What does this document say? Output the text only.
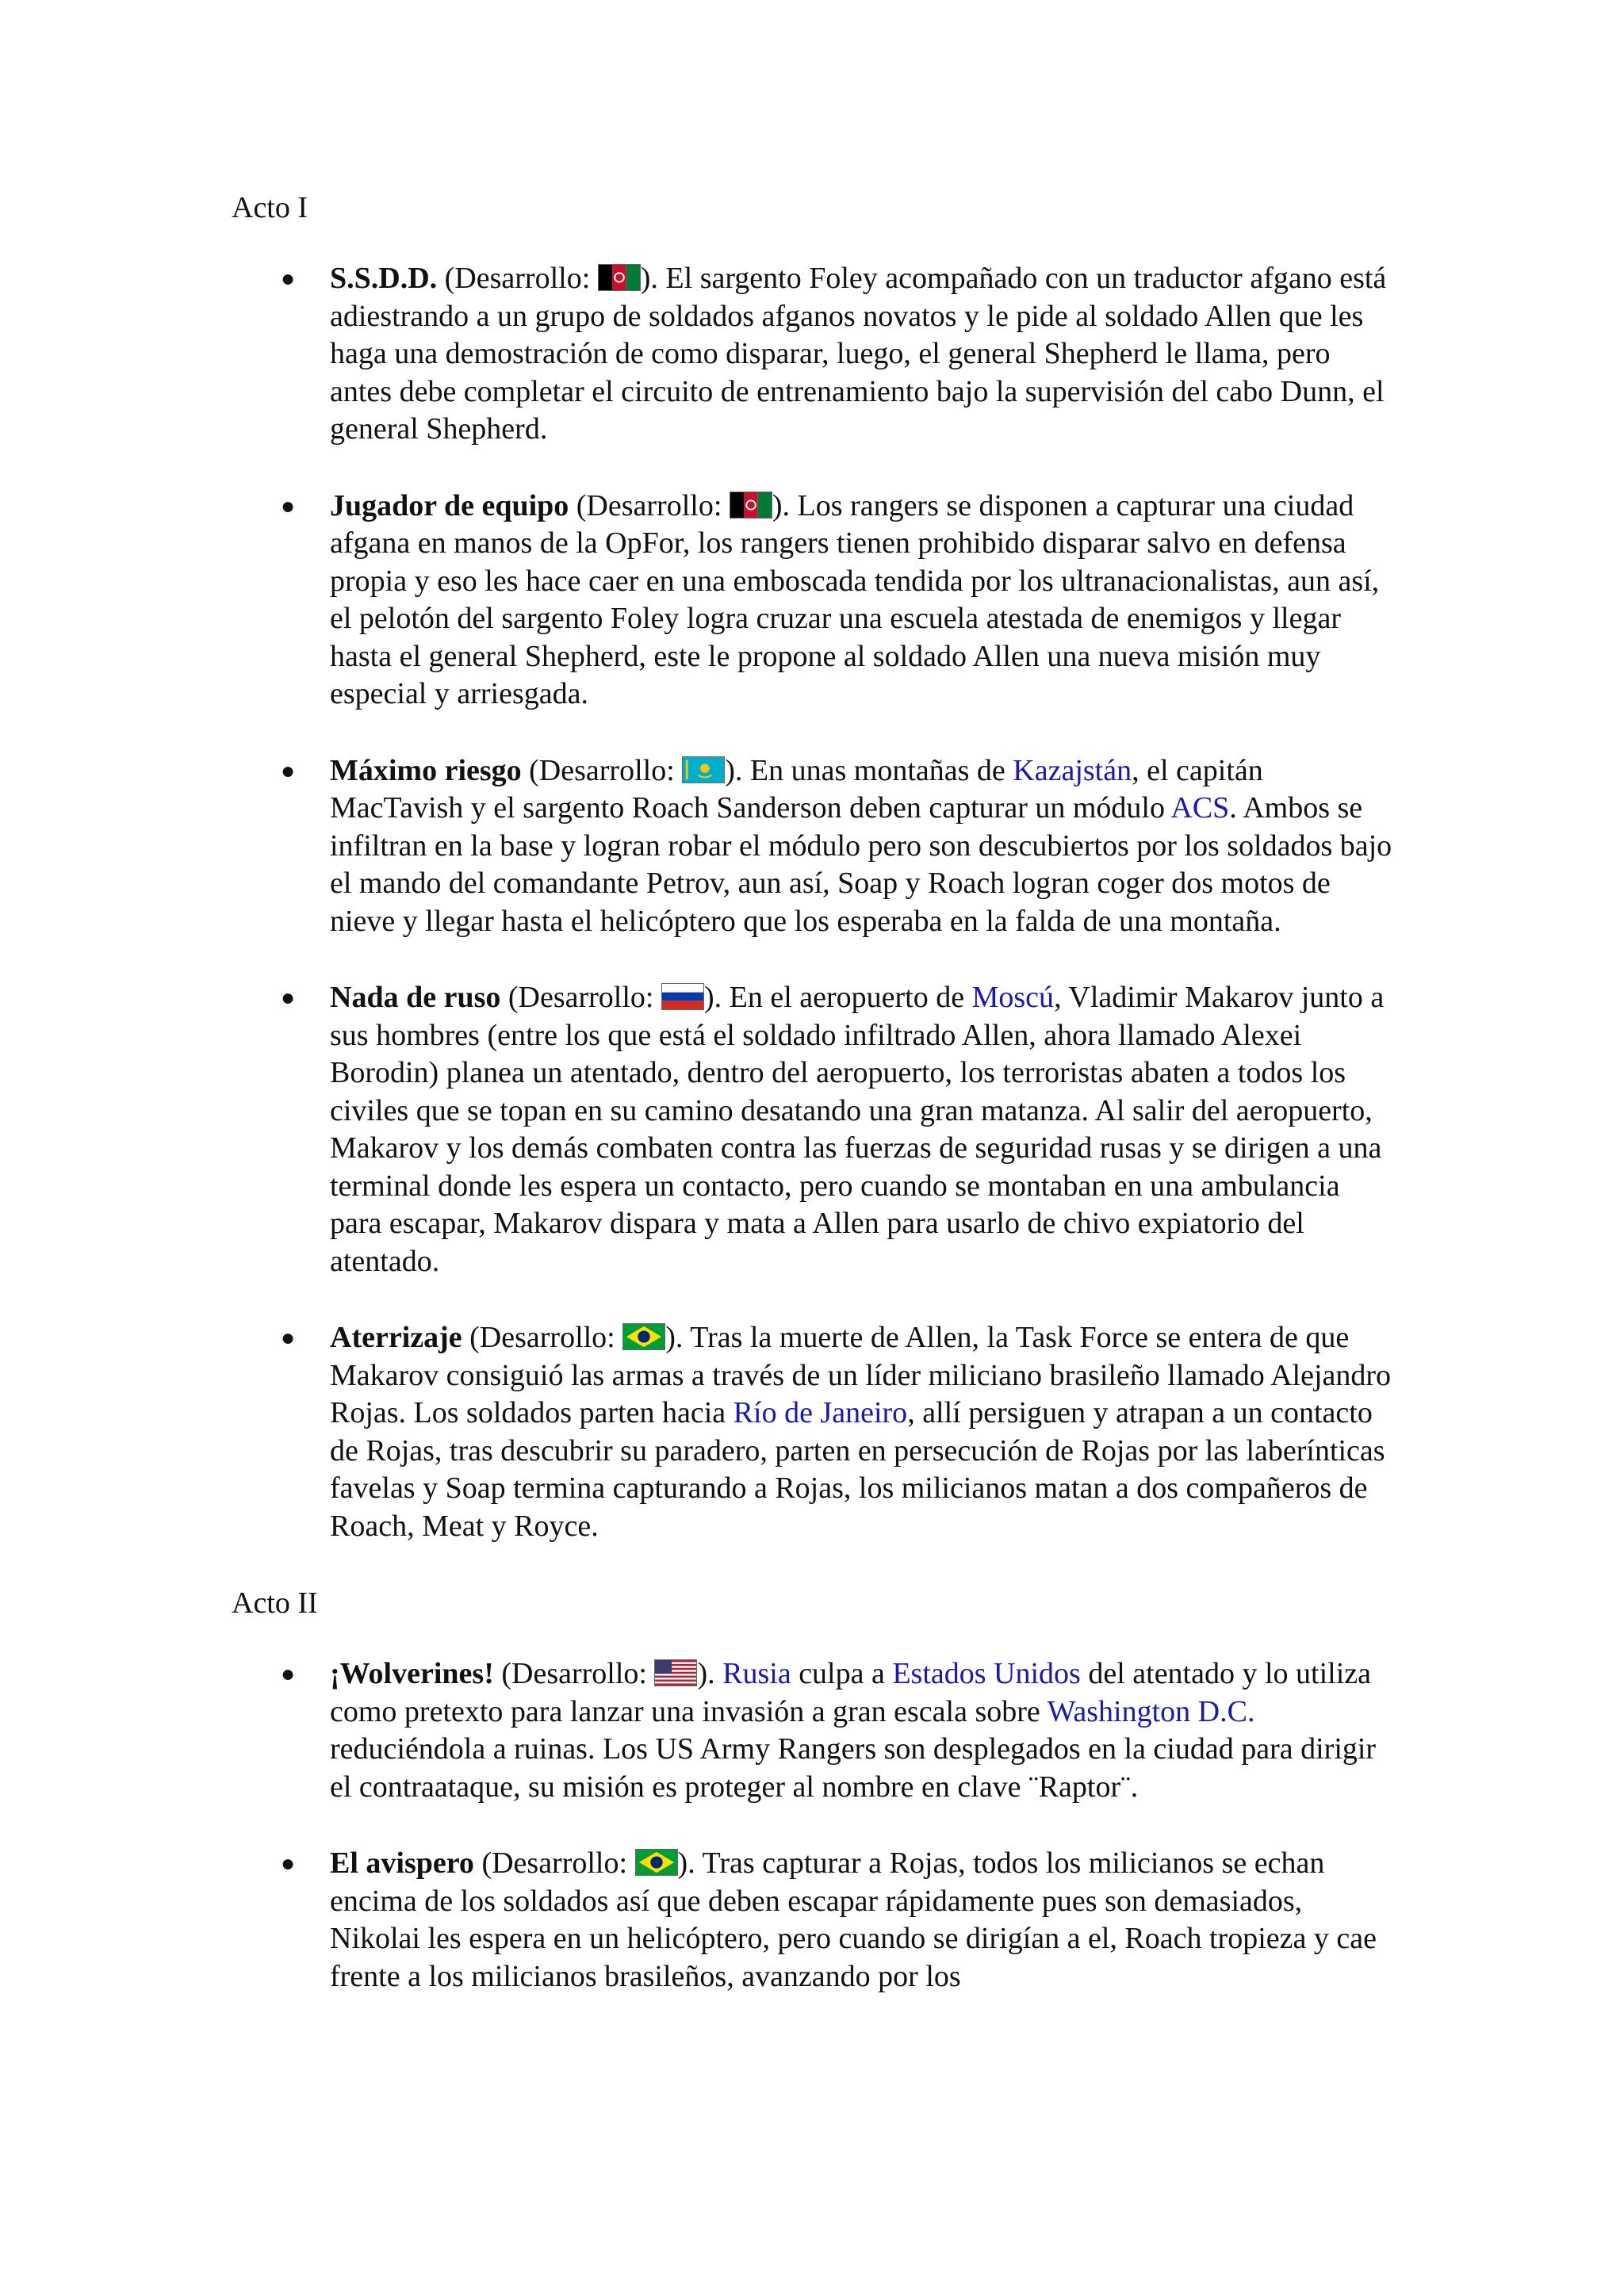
Acto I

● S.S.D.D. (Desarrollo:
). El sargento Foley acompañado con un traductor afgano está adiestrando a un grupo de soldados afganos novatos y le pide al soldado Allen que les haga una demostración de como disparar, luego, el general Shepherd le llama, pero antes debe completar el circuito de entrenamiento bajo la supervisión del cabo Dunn, el general Shepherd.
● Jugador de equipo (Desarrollo:
). Los rangers se disponen a capturar una ciudad afgana en manos de la OpFor, los rangers tienen prohibido disparar salvo en defensa propia y eso les hace caer en una emboscada tendida por los ultranacionalistas, aun así, el pelotón del sargento Foley logra cruzar una escuela atestada de enemigos y llegar hasta el general Shepherd, este le propone al soldado Allen una nueva misión muy especial y arriesgada.
● Máximo riesgo (Desarrollo:
). En unas montañas de Kazajstán, el capitán MacTavish y el sargento Roach Sanderson deben capturar un módulo ACS. Ambos se infiltran en la base y logran robar el módulo pero son descubiertos por los soldados bajo el mando del comandante Petrov, aun así, Soap y Roach logran coger dos motos de nieve y llegar hasta el helicóptero que los esperaba en la falda de una montaña.
● Nada de ruso (Desarrollo:
). En el aeropuerto de Moscú, Vladimir Makarov junto a sus hombres (entre los que está el soldado infiltrado Allen, ahora llamado Alexei Borodin) planea un atentado, dentro del aeropuerto, los terroristas abaten a todos los civiles que se topan en su camino desatando una gran matanza. Al salir del aeropuerto, Makarov y los demás combaten contra las fuerzas de seguridad rusas y se dirigen a una terminal donde les espera un contacto, pero cuando se montaban en una ambulancia para escapar, Makarov dispara y mata a Allen para usarlo de chivo expiatorio del atentado.
● Aterrizaje (Desarrollo:
). Tras la muerte de Allen, la Task Force se entera de que Makarov consiguió las armas a través de un líder miliciano brasileño llamado Alejandro Rojas. Los soldados parten hacia Río de Janeiro, allí persiguen y atrapan a un contacto de Rojas, tras descubrir su paradero, parten en persecución de Rojas por las laberínticas favelas y Soap termina capturando a Rojas, los milicianos matan a dos compañeros de Roach, Meat y Royce.

Acto II

● ¡Wolverines! (Desarrollo:
). Rusia culpa a Estados Unidos del atentado y lo utiliza como pretexto para lanzar una invasión a gran escala sobre Washington D.C. reduciéndola a ruinas. Los US Army Rangers son desplegados en la ciudad para dirigir el contraataque, su misión es proteger al nombre en clave ¨Raptor¨.
● El avispero (Desarrollo:
). Tras capturar a Rojas, todos los milicianos se echan encima de los soldados así que deben escapar rápidamente pues son demasiados, Nikolai les espera en un helicóptero, pero cuando se dirigían a el, Roach tropieza y cae frente a los milicianos brasileños, avanzando por los
